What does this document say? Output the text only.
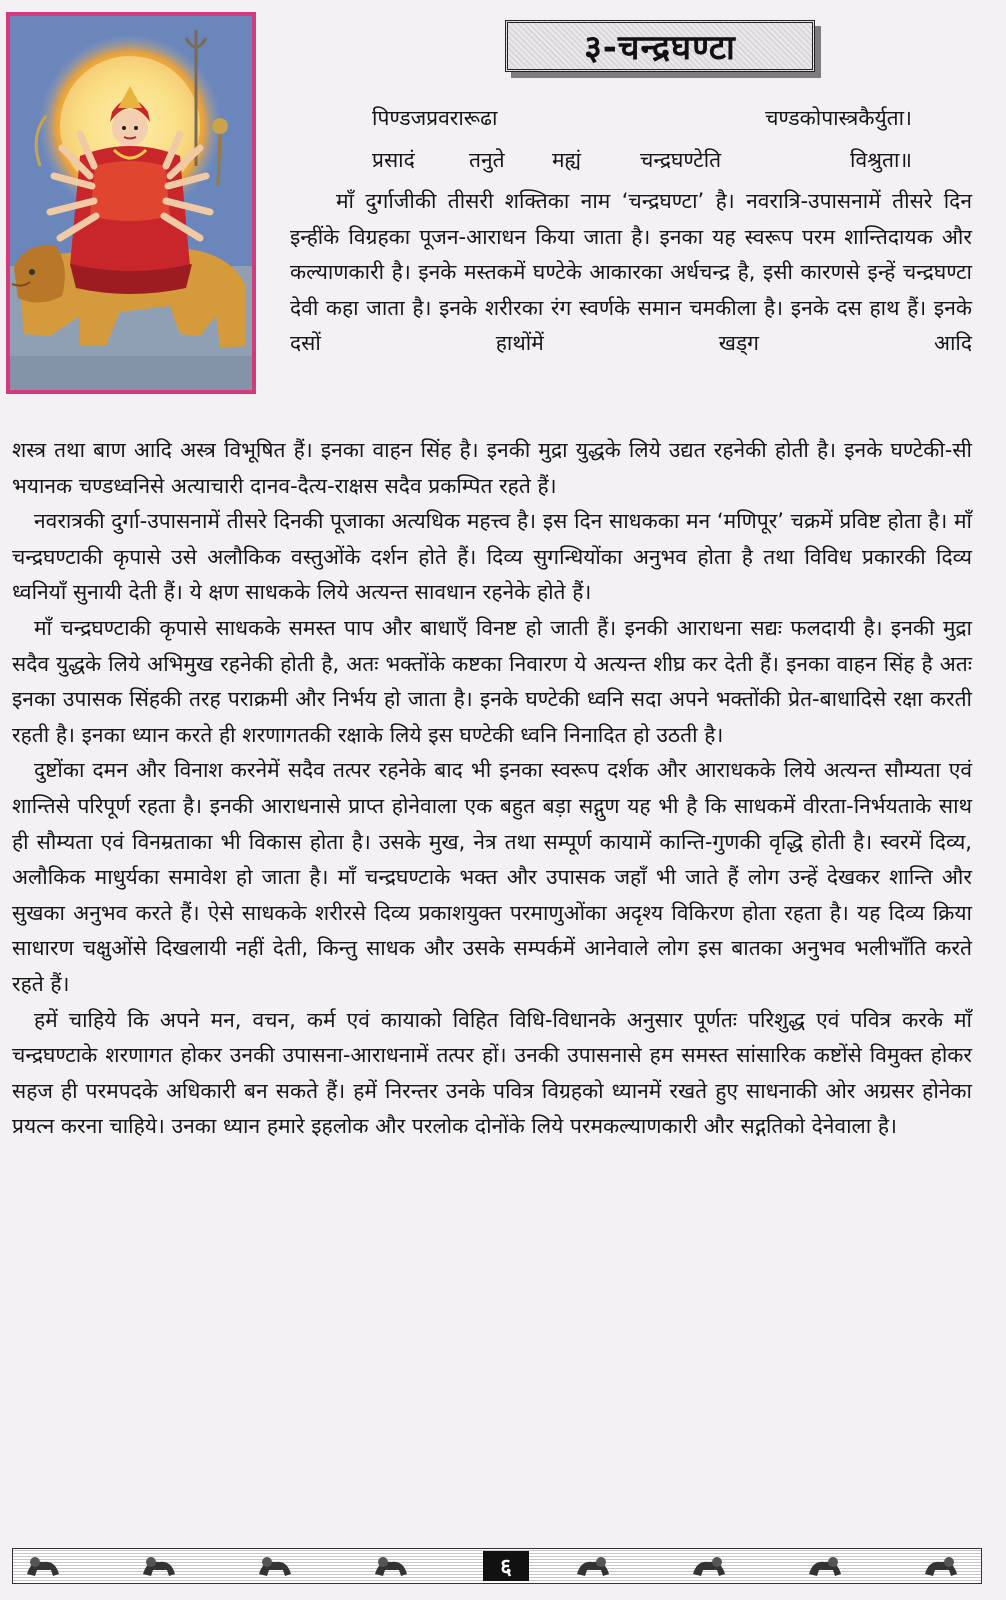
३-चन्द्रघण्टा
पिण्डजप्रवरारूढा	चण्डकोपास्त्रकैर्युता।
प्रसादं	तनुते मह्यं	चन्द्रघण्टेति	विश्रुता॥

माँ दुर्गाजीकी तीसरी शक्तिका नाम ‘चन्द्रघण्टा’ है। नवरात्रि-उपासनामें तीसरे दिन इन्हींके विग्रहका पूजन-आराधन किया जाता है। इनका यह स्वरूप परम शान्तिदायक और कल्याणकारी है। इनके मस्तकमें घण्टेके आकारका अर्धचन्द्र है, इसी कारणसे इन्हें चन्द्रघण्टा देवी कहा जाता है। इनके शरीरका रंग स्वर्णके समान चमकीला है। इनके दस हाथ हैं। इनके दसों हाथोंमें खड्ग आदि

शस्त्र तथा बाण आदि अस्त्र विभूषित हैं। इनका वाहन सिंह है। इनकी मुद्रा युद्धके लिये उद्यत रहनेकी होती है। इनके घण्टेकी-सी भयानक चण्डध्वनिसे अत्याचारी दानव-दैत्य-राक्षस सदैव प्रकम्पित रहते हैं।

नवरात्रकी दुर्गा-उपासनामें तीसरे दिनकी पूजाका अत्यधिक महत्त्व है। इस दिन साधकका मन ‘मणिपूर’ चक्रमें प्रविष्ट होता है। माँ चन्द्रघण्टाकी कृपासे उसे अलौकिक वस्तुओंके दर्शन होते हैं। दिव्य सुगन्धियोंका अनुभव होता है तथा विविध प्रकारकी दिव्य ध्वनियाँ सुनायी देती हैं। ये क्षण साधकके लिये अत्यन्त सावधान रहनेके होते हैं।

माँ चन्द्रघण्टाकी कृपासे साधकके समस्त पाप और बाधाएँ विनष्ट हो जाती हैं। इनकी आराधना सद्यः फलदायी है। इनकी मुद्रा सदैव युद्धके लिये अभिमुख रहनेकी होती है, अतः भक्तोंके कष्टका निवारण ये अत्यन्त शीघ्र कर देती हैं। इनका वाहन सिंह है अतः इनका उपासक सिंहकी तरह पराक्रमी और निर्भय हो जाता है। इनके घण्टेकी ध्वनि सदा अपने भक्तोंकी प्रेत-बाधादिसे रक्षा करती रहती है। इनका ध्यान करते ही शरणागतकी रक्षाके लिये इस घण्टेकी ध्वनि निनादित हो उठती है।

दुष्टोंका दमन और विनाश करनेमें सदैव तत्पर रहनेके बाद भी इनका स्वरूप दर्शक और आराधकके लिये अत्यन्त सौम्यता एवं शान्तिसे परिपूर्ण रहता है। इनकी आराधनासे प्राप्त होनेवाला एक बहुत बड़ा सद्गुण यह भी है कि साधकमें वीरता-निर्भयताके साथ ही सौम्यता एवं विनम्रताका भी विकास होता है। उसके मुख, नेत्र तथा सम्पूर्ण कायामें कान्ति-गुणकी वृद्धि होती है। स्वरमें दिव्य, अलौकिक माधुर्यका समावेश हो जाता है। माँ चन्द्रघण्टाके भक्त और उपासक जहाँ भी जाते हैं लोग उन्हें देखकर शान्ति और सुखका अनुभव करते हैं। ऐसे साधकके शरीरसे दिव्य प्रकाशयुक्त परमाणुओंका अदृश्य विकिरण होता रहता है। यह दिव्य क्रिया साधारण चक्षुओंसे दिखलायी नहीं देती, किन्तु साधक और उसके सम्पर्कमें आनेवाले लोग इस बातका अनुभव भलीभाँति करते रहते हैं।

हमें चाहिये कि अपने मन, वचन, कर्म एवं कायाको विहित विधि-विधानके अनुसार पूर्णतः परिशुद्ध एवं पवित्र करके माँ चन्द्रघण्टाके शरणागत होकर उनकी उपासना-आराधनामें तत्पर हों। उनकी उपासनासे हम समस्त सांसारिक कष्टोंसे विमुक्त होकर सहज ही परमपदके अधिकारी बन सकते हैं। हमें निरन्तर उनके पवित्र विग्रहको ध्यानमें रखते हुए साधनाकी ओर अग्रसर होनेका प्रयत्न करना चाहिये। उनका ध्यान हमारे इहलोक और परलोक दोनोंके लिये परमकल्याणकारी और सद्गतिको देनेवाला है।

६
